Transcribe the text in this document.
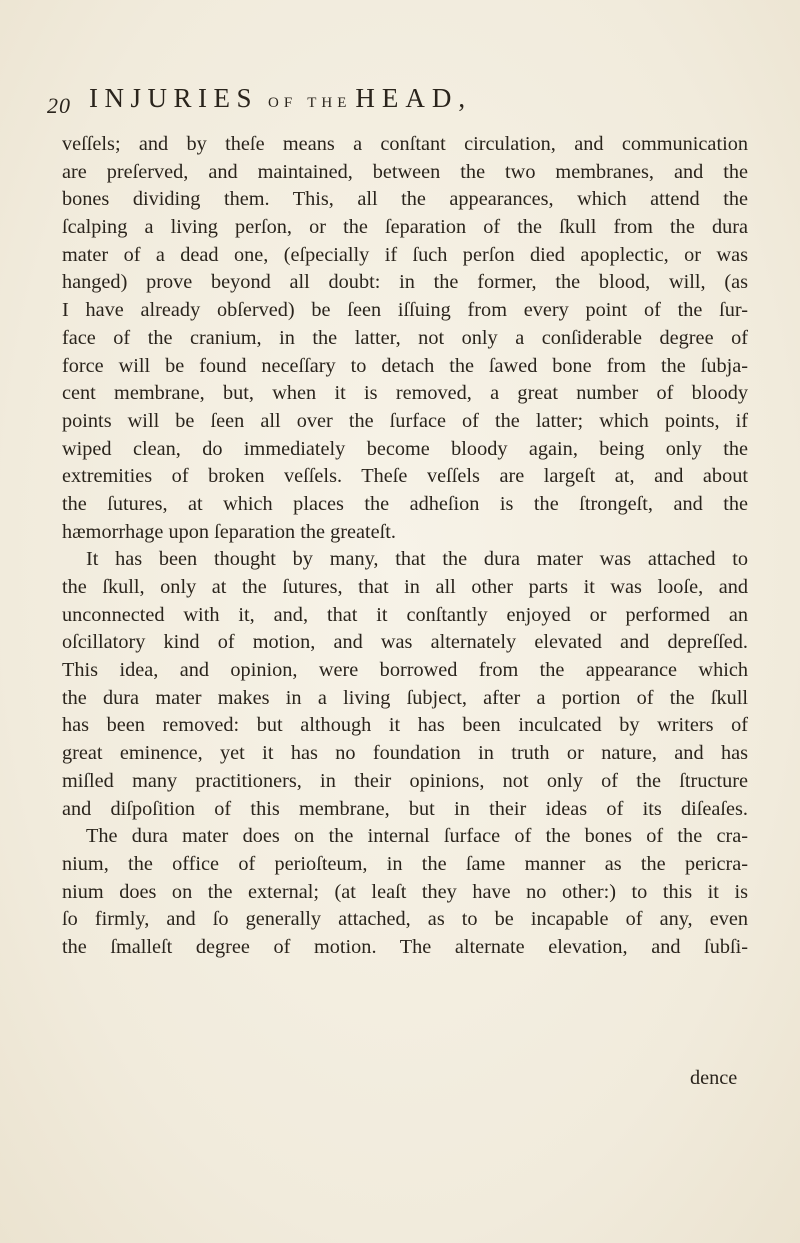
20 INJURIES OF THE HEAD,
veſſels; and by theſe means a conſtant circulation, and communication
are preſerved, and maintained, between the two membranes, and the
bones dividing them. This, all the appearances, which attend the
ſcalping a living perſon, or the ſeparation of the ſkull from the dura
mater of a dead one, (eſpecially if ſuch perſon died apoplectic, or was
hanged) prove beyond all doubt: in the former, the blood, will, (as
I have already obſerved) be ſeen iſſuing from every point of the ſur-
face of the cranium, in the latter, not only a conſiderable degree of
force will be found neceſſary to detach the ſawed bone from the ſubja-
cent membrane, but, when it is removed, a great number of bloody
points will be ſeen all over the ſurface of the latter; which points, if
wiped clean, do immediately become bloody again, being only the
extremities of broken veſſels. Theſe veſſels are largeſt at, and about
the ſutures, at which places the adheſion is the ſtrongeſt, and the
hæmorrhage upon ſeparation the greateſt.
It has been thought by many, that the dura mater was attached to
the ſkull, only at the ſutures, that in all other parts it was looſe, and
unconnected with it, and, that it conſtantly enjoyed or performed an
oſcillatory kind of motion, and was alternately elevated and depreſſed.
This idea, and opinion, were borrowed from the appearance which
the dura mater makes in a living ſubject, after a portion of the ſkull
has been removed: but although it has been inculcated by writers of
great eminence, yet it has no foundation in truth or nature, and has
miſled many practitioners, in their opinions, not only of the ſtructure
and diſpoſition of this membrane, but in their ideas of its diſeaſes.
The dura mater does on the internal ſurface of the bones of the cra-
nium, the office of perioſteum, in the ſame manner as the pericra-
nium does on the external; (at leaſt they have no other:) to this it is
ſo firmly, and ſo generally attached, as to be incapable of any, even
the ſmalleſt degree of motion. The alternate elevation, and ſubſi-
dence
